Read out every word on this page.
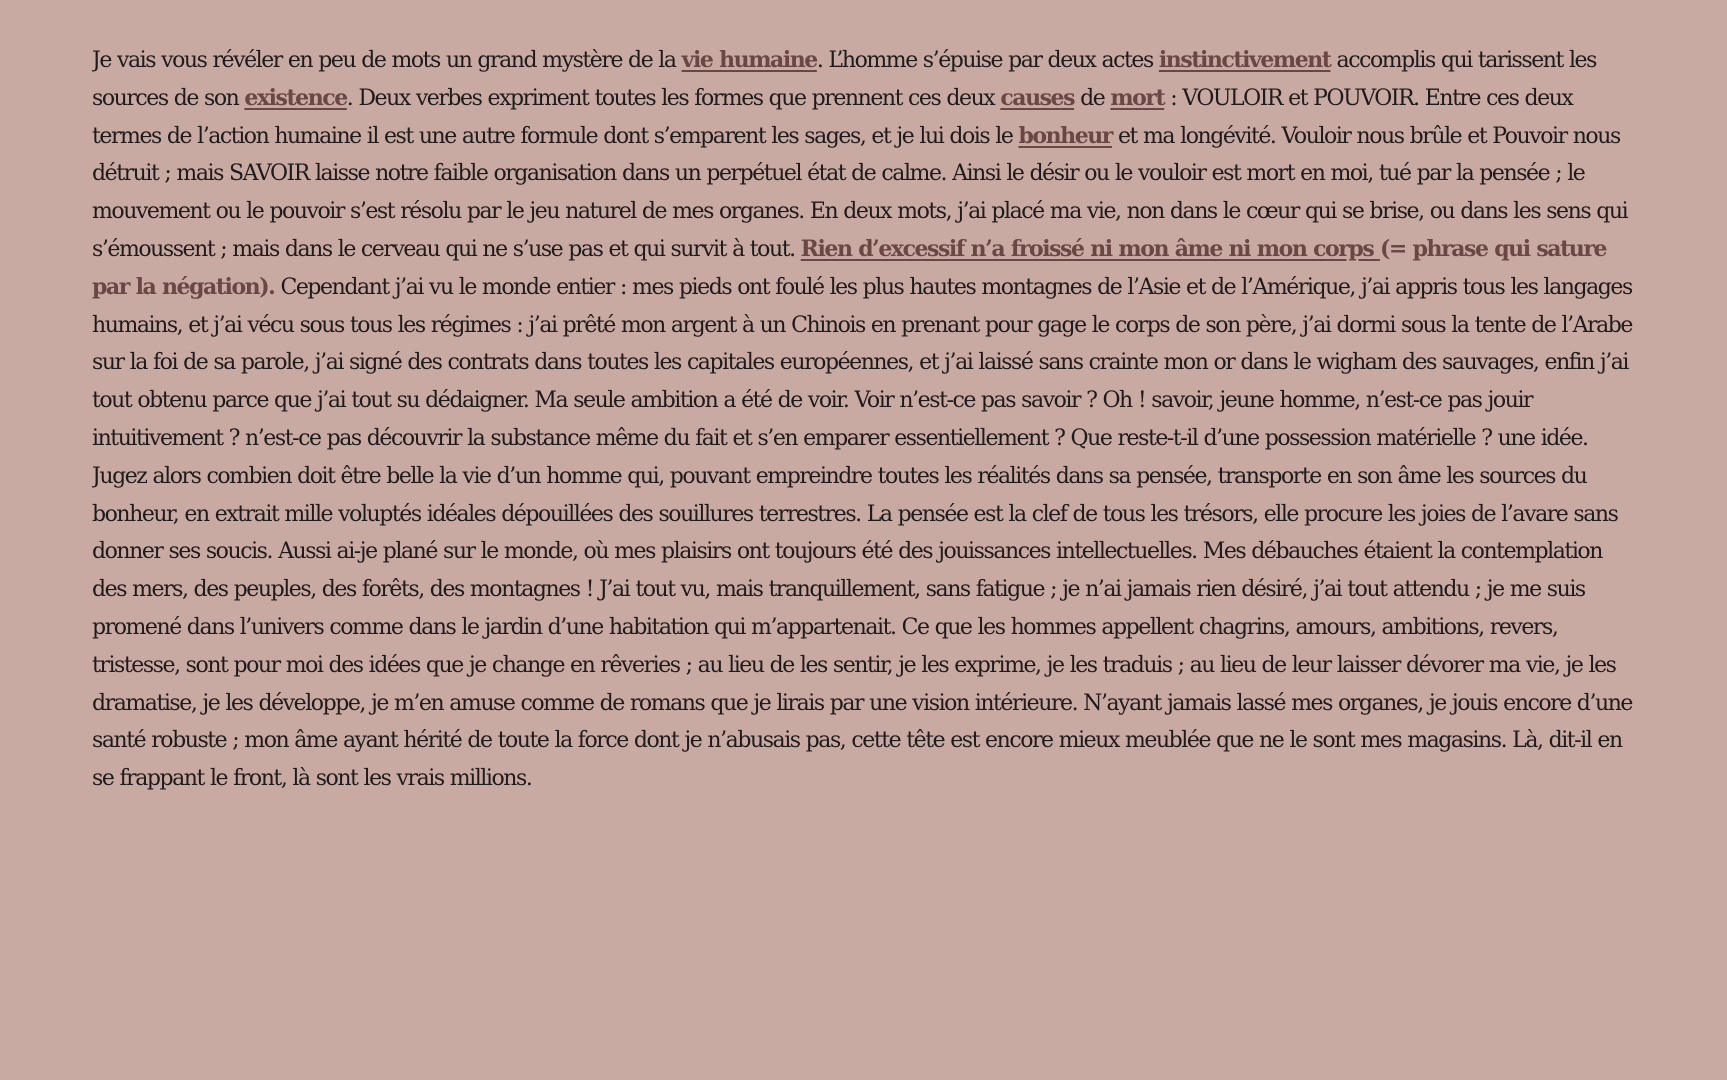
Je vais vous révéler en peu de mots un grand mystère de la vie humaine. L’homme s’épuise par deux actes instinctivement accomplis qui tarissent les sources de son existence. Deux verbes expriment toutes les formes que prennent ces deux causes de mort : VOULOIR et POUVOIR. Entre ces deux termes de l’action humaine il est une autre formule dont s’emparent les sages, et je lui dois le bonheur et ma longévité. Vouloir nous brûle et Pouvoir nous détruit ; mais SAVOIR laisse notre faible organisation dans un perpétuel état de calme. Ainsi le désir ou le vouloir est mort en moi, tué par la pensée ; le mouvement ou le pouvoir s’est résolu par le jeu naturel de mes organes. En deux mots, j’ai placé ma vie, non dans le cœur qui se brise, ou dans les sens qui s’émoussent ; mais dans le cerveau qui ne s’use pas et qui survit à tout. Rien d’excessif n’a froissé ni mon âme ni mon corps (= phrase qui sature par la négation). Cependant j’ai vu le monde entier : mes pieds ont foulé les plus hautes montagnes de l’Asie et de l’Amérique, j’ai appris tous les langages humains, et j’ai vécu sous tous les régimes : j’ai prêté mon argent à un Chinois en prenant pour gage le corps de son père, j’ai dormi sous la tente de l’Arabe sur la foi de sa parole, j’ai signé des contrats dans toutes les capitales européennes, et j’ai laissé sans crainte mon or dans le wigham des sauvages, enfin j’ai tout obtenu parce que j’ai tout su dédaigner. Ma seule ambition a été de voir. Voir n’est-ce pas savoir ? Oh ! savoir, jeune homme, n’est-ce pas jouir intuitivement ? n’est-ce pas découvrir la substance même du fait et s’en emparer essentiellement ? Que reste-t-il d’une possession matérielle ? une idée. Jugez alors combien doit être belle la vie d’un homme qui, pouvant empreindre toutes les réalités dans sa pensée, transporte en son âme les sources du bonheur, en extrait mille voluptés idéales dépouillées des souillures terrestres. La pensée est la clef de tous les trésors, elle procure les joies de l’avare sans donner ses soucis. Aussi ai-je plané sur le monde, où mes plaisirs ont toujours été des jouissances intellectuelles. Mes débauches étaient la contemplation des mers, des peuples, des forêts, des montagnes ! J’ai tout vu, mais tranquillement, sans fatigue ; je n’ai jamais rien désiré, j’ai tout attendu ; je me suis promené dans l’univers comme dans le jardin d’une habitation qui m’appartenait. Ce que les hommes appellent chagrins, amours, ambitions, revers, tristesse, sont pour moi des idées que je change en rêveries ; au lieu de les sentir, je les exprime, je les traduis ; au lieu de leur laisser dévorer ma vie, je les dramatise, je les développe, je m’en amuse comme de romans que je lirais par une vision intérieure. N’ayant jamais lassé mes organes, je jouis encore d’une santé robuste ; mon âme ayant hérité de toute la force dont je n’abusais pas, cette tête est encore mieux meublée que ne le sont mes magasins. Là, dit-il en se frappant le front, là sont les vrais millions.
